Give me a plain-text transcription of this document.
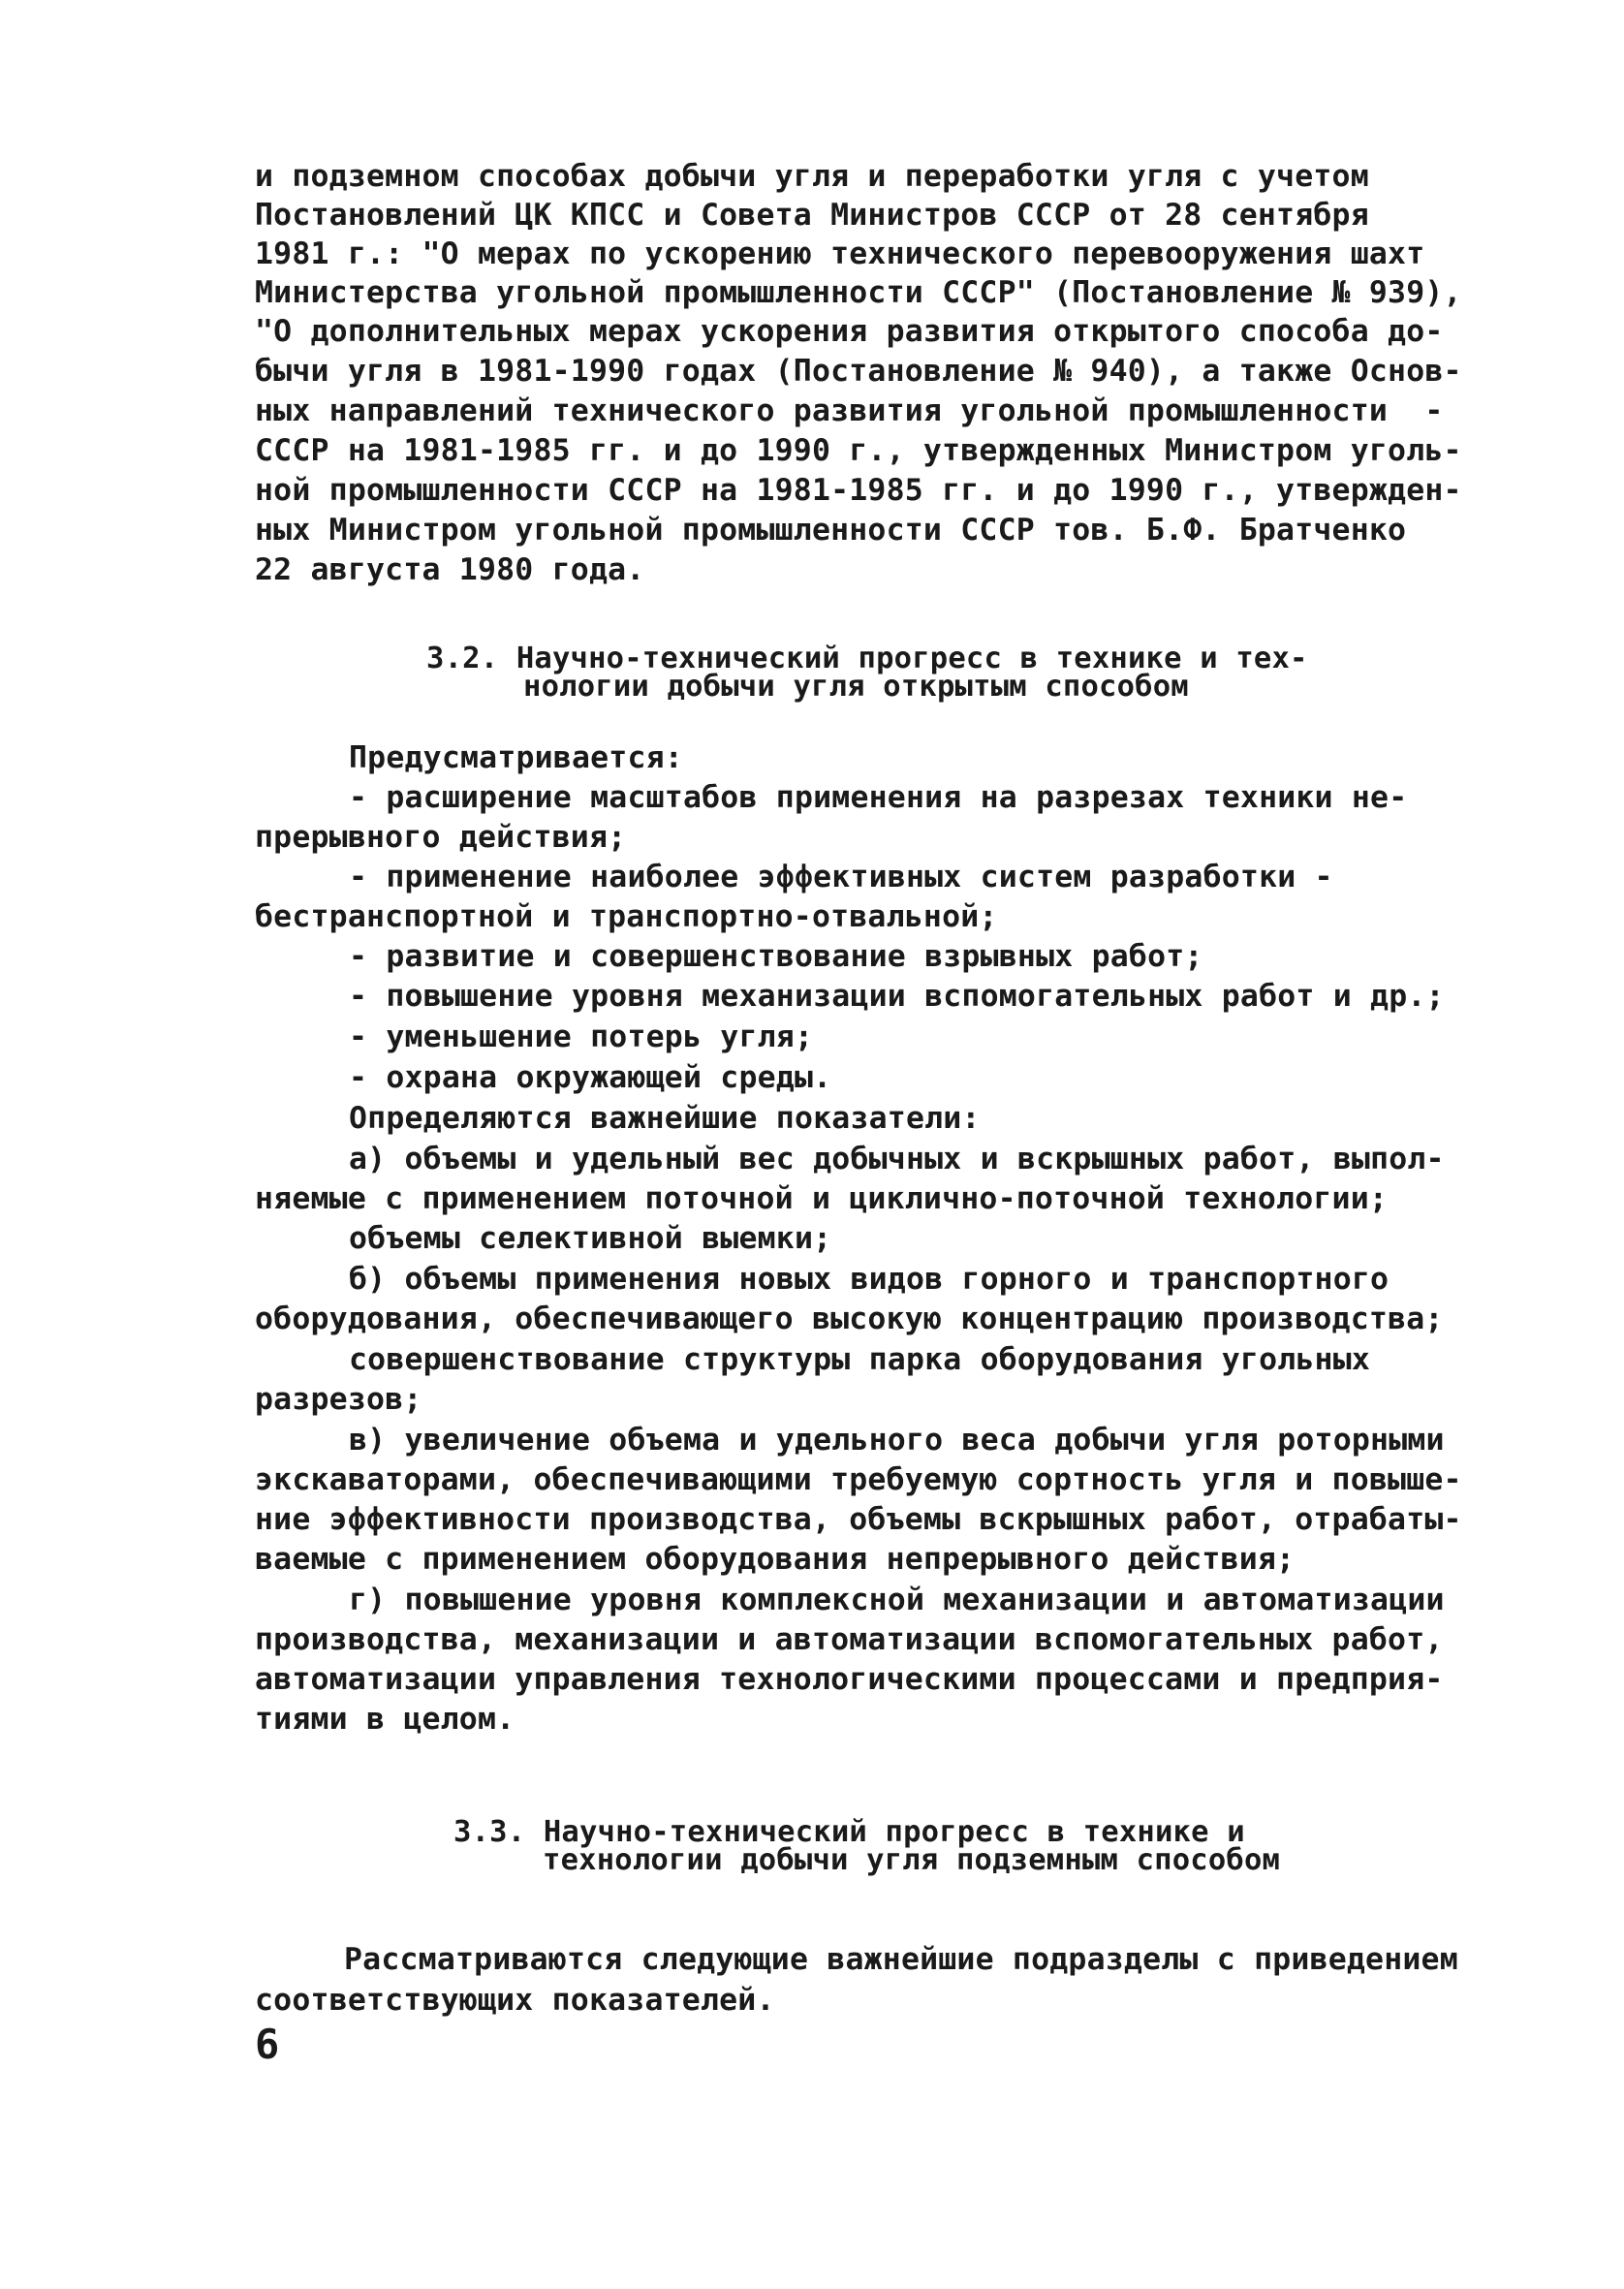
и подземном способах добычи угля и переработки угля с учетом
Постановлений ЦК КПСС и Совета Министров СССР от 28 сентября
1981 г.: "О мерах по ускорению технического перевооружения шахт
Министерства угольной промышленности СССР" (Постановление № 939),
"О дополнительных мерах ускорения развития открытого способа до-
бычи угля в 1981-1990 годах (Постановление № 940), а также Основ-
ных направлений технического развития угольной промышленности  -
СССР на 1981-1985 гг. и до 1990 г., утвержденных Министром уголь-
ной промышленности СССР на 1981-1985 гг. и до 1990 г., утвержден-
ных Министром угольной промышленности СССР тов. Б.Ф. Братченко
22 августа 1980 года.
3.2. Научно-технический прогресс в технике и тех-
нологии добычи угля открытым способом
Предусматривается:
- расширение масштабов применения на разрезах техники не-
прерывного действия;
- применение наиболее эффективных систем разработки -
бестранспортной и транспортно-отвальной;
- развитие и совершенствование взрывных работ;
- повышение уровня механизации вспомогательных работ и др.;
- уменьшение потерь угля;
- охрана окружающей среды.
Определяются важнейшие показатели:
а) объемы и удельный вес добычных и вскрышных работ, выпол-
няемые с применением поточной и циклично-поточной технологии;
объемы селективной выемки;
б) объемы применения новых видов горного и транспортного
оборудования, обеспечивающего высокую концентрацию производства;
совершенствование структуры парка оборудования угольных
разрезов;
в) увеличение объема и удельного веса добычи угля роторными
экскаваторами, обеспечивающими требуемую сортность угля и повыше-
ние эффективности производства, объемы вскрышных работ, отрабаты-
ваемые с применением оборудования непрерывного действия;
г) повышение уровня комплексной механизации и автоматизации
производства, механизации и автоматизации вспомогательных работ,
автоматизации управления технологическими процессами и предприя-
тиями в целом.
3.3. Научно-технический прогресс в технике и
технологии добычи угля подземным способом
Рассматриваются следующие важнейшие подразделы с приведением
соответствующих показателей.
6
